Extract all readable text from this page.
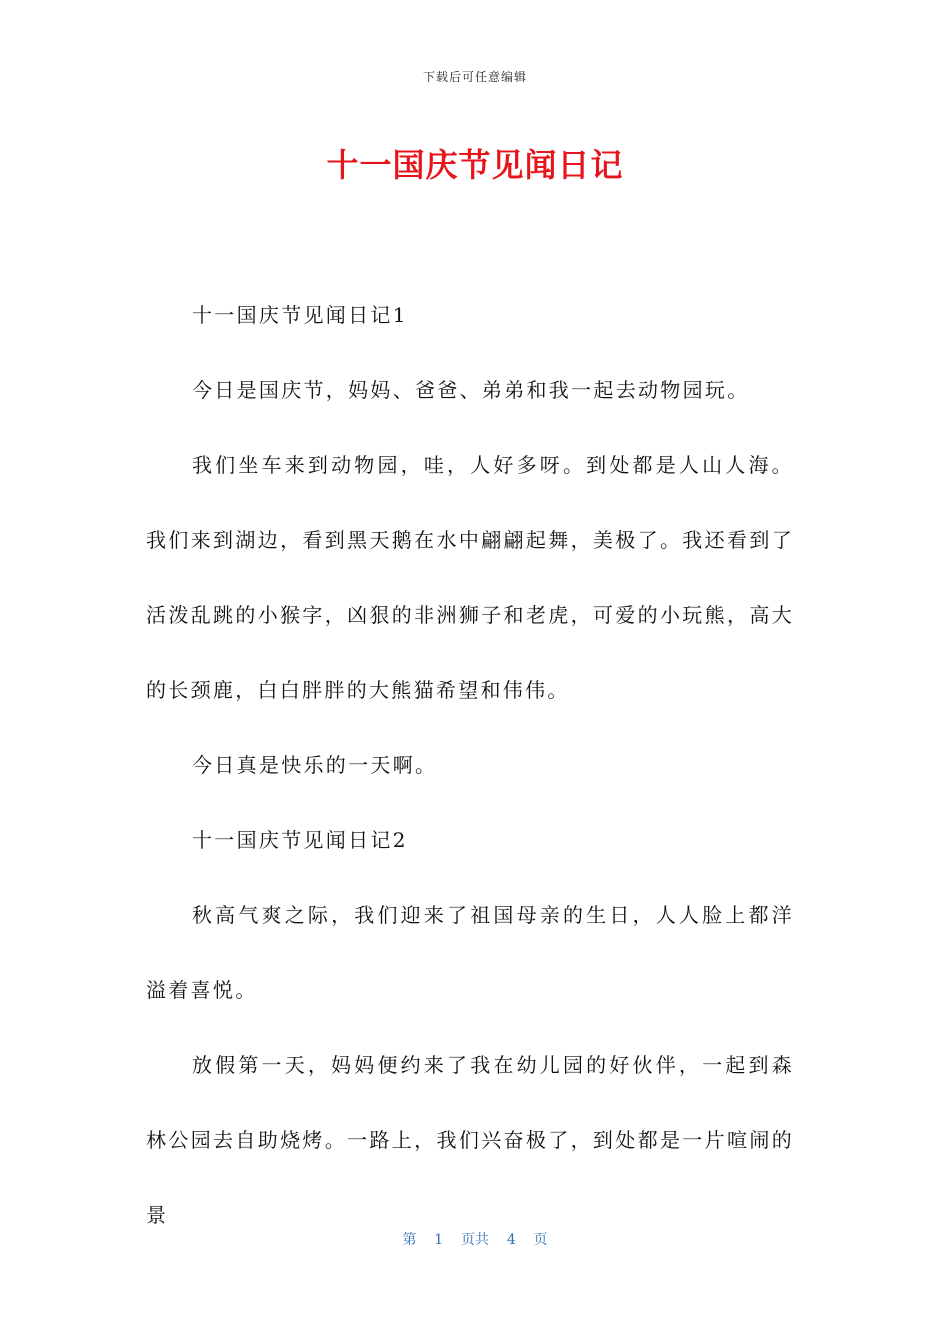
下载后可任意编辑
十一国庆节见闻日记

十一国庆节见闻日记1

今日是国庆节，妈妈、爸爸、弟弟和我一起去动物园玩。

我们坐车来到动物园，哇，人好多呀。到处都是人山人海。我们来到湖边，看到黑天鹅在水中翩翩起舞，美极了。我还看到了活泼乱跳的小猴字，凶狠的非洲狮子和老虎，可爱的小玩熊，高大的长颈鹿，白白胖胖的大熊猫希望和伟伟。

今日真是快乐的一天啊。

十一国庆节见闻日记2

秋高气爽之际，我们迎来了祖国母亲的生日，人人脸上都洋溢着喜悦。

放假第一天，妈妈便约来了我在幼儿园的好伙伴，一起到森林公园去自助烧烤。一路上，我们兴奋极了，到处都是一片喧闹的景

第 1 页共 4 页
